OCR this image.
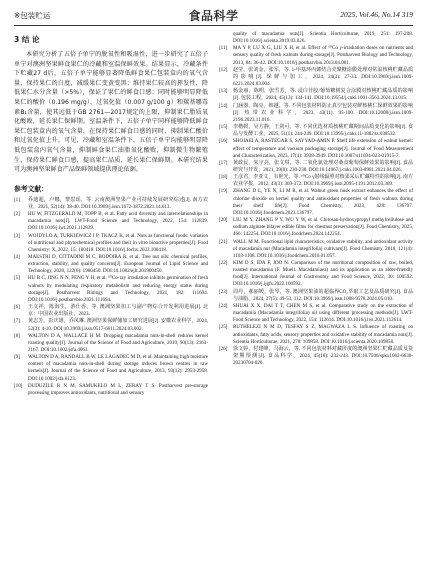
※包装贮运	食品科学	2025, Vol.46, No.14 319
3 结 论

本研究分析了五倍子单宁的脱氧性和吸湿性，进一步研究了五倍子单宁对澳洲坚果鲜食果仁的冷藏和室温保鲜效果。结果显示，冷藏条件下贮藏27 d后，五倍子单宁能够显著降低鲜食果仁包装盒内的氧气含量，保持果仁的白度，减缓果仁变黄变黑；维持果仁较高的挥发性，降低果仁水分含量（>5%），保证了果仁的鲜食口感；同时能够明显降低果仁的酸价（0.196 mg/g）、过氧化值（0.007 g/100 g）和羰基哪毒素B₁含量，使其远低于GB 2761—2017规定的上限，抑制果仁脂质氧化酸败，延长果仁保鲜期。室温条件下，五倍子单宁同样能够降低鲜食果仁包装盒内的氧气含量，在保持果仁鲜食口感的同时，抑制果仁酸价和过氧化值上升。可见，冷藏和室温条件下，五倍子单宁均能够明显降低包装盒内氧气含量，抑制鲜食果仁油脂氧化酸败，抑制微生物繁殖生，保持果仁鲜食口感，提高果仁品质，延长果仁保鲜期。本研究结果可为澳洲坚果鲜食产品保鲜领域提供理论依据。

参考文献：
[1] 乔迪超，卢娜，黎思瑶，等. 云南澳洲坚果产业可持续发展研究综述[J]. 南方农业，2021, 52(14): 38-40. DOI:10.3969/j.issn.1672-3872.2021.14.013.
[2] HU W, FITZGERALD M, TOPP B, et al. Fatty acid diversity and interrelationships in macadamia nuts[J]. LWT-Food Science and Technology, 2022, 154: 112839. DOI:10.1016/j.lwt.2021.112839.
[3] WOJDYLO A, TURKIEWICZ I P, TKACZ K, et al. Nuts as functional foods: variation of nutritional and phytochemical profiles and their in vitro bioactive properties[J]. Food Chemistry: X, 2022, 15: 100418. DOI:10.1016/j.fochx.2022.100418.
[4] MAESTRI D, CITTADINI M C, BODOIRA R, et al. Tree nut oils: chemical profiles, extraction, stability, and quality concerns[J]. European Journal of Lipid Science and Technology, 2020, 122(6): 1900450. DOI:10.1002/ejlt.201900450.
[5] HU B C, JING N N, PENG Y H, et al. ⁶⁰Co-ray irradiation inhibits germination of fresh walnuts by modulating respiratory metabolism and reducing energy status during storage[J]. Postharvest Biology and Technology, 2021, 182: 111694. DOI:10.1016/j.postharvbio.2021.111694.
[6] 王文祥，陈海生，游仕香，等. 澳洲坚果加工与副产物综合开发利用进展[J]. 北京：中国农业出版社，2023.
[7] 黄志芳，彭庆雄，乔凤琳. 澳洲坚果保鲜储加工研究进展[J]. 安徽农业科学，2024, 52(3): 4-10. DOI:10.3969/j.issn.0517-6611.2024.03.002.
[8] WALTON D A, WALLACE H M. Dropping macadamia nuts-in-shell reduces kernel roasting quality[J]. Journal of the Science of Food and Agriculture, 2010, 90(13): 2163-2167. DOI:10.1002/jsfa.4063.
[9] WALTON D A, RANDALL B W, LE LAGADEC M D, et al. Maintaining high moisture content of macadamia nuts-in-shell during storage induces brown centres in raw kernels[J]. Journal of the Science of Food and Agriculture, 2013, 93(12): 2953-2958. DOI:10.1002/jsfa.6123.
[10] DUDUZILE B N M, SAMUKELO M L, ZERAY T S. Postharvest pre-storage processing improves antioxidants, nutritional and sensory

quality of macadamia nuts[J]. Scientia Horticulturae, 2019, 251: 197-208. DOI:10.1016/j.scienta.2019.03.026.

[11] MA Y P, LU X G, LIU X H, et al. Effect of ⁶⁰Co γ-irradiation doses on nutrients and sensory quality of fresh walnuts during storage[J]. Postharvest Biology and Technology, 2013, 84: 36-42. DOI:10.1016/j.postharvbio.2013.04.001.
[12] 赵莹，张刘金，张军，等. 1-甲基环丙烯结合壳聚糖涂膜处理对常温核桃贮藏品质的影响[J]. 保鲜与加工，2024, 24(3): 27-33. DOI:10.3969/j.issn.1009-6221.2024.03.004.
[13] 杨金丽，陈明，张雪芳，等. 浸白苷胶/葡萄糖树复合涂膜对核桃贮藏品质的影响[J]. 包装工程，2024, 45(13): 134-141. DOI:10.19554/j.cnki.1001-3563.2024.13.015.
[14] 门涵器，陶亮，韩越，等. 不同包装材料防止真空包装对鲜核桃仁保鲜效果的影响[J]. 热带农业科学，2023, 43(11): 95-100. DOI:10.12008/j.issn.1009-2196.2023.11.016.
[15] 李楷媛，吴方静，王剑可，等. 不同优选材质核桃贮藏期间品质变化的影响[J]. 食品与发酵工业，2025, 51(1): 244-249. DOI:10.13995/j.cnki.11-1802/ts.038532.
[16] SHOJAEI A, RASTEGAR S, SAYYAD-AMIN P. Shelf life extension of walnut kernel: effect of temperature and vacuum packaging storage[J]. Journal of Food Measurement and Characterization, 2023, 17(4): 3938-3949. DOI:10.1007/s11694-023-01915-7.
[17] 黄政民，朱宇亮，张文琪，等. 二氧化氯处理对桑食葡萄保鲜效果的影响[J]. 食品研究与开发，2021, 39(8): 230-238. DOI:10.14067/j.cnki.1003-8981.2021.04.026.
[18] 王彦君，李亚文，韦艳光，等. ⁶⁰Co γ射线辐照对核果采后贮藏特性的影响[J]. 南方农业学报，2012, 43(3): 369-372. DOI:10.3969/j.issn.2095-1191.2012.03.369.
[19] ZHANG D L, YE N, LI M R, et al. Walnut green husk extract enhances the effect of chlorine dioxide on kernel quality and antioxidant properties of fresh walnuts during their shelf life[J]. Food Chemistry, 2023, 428: 136797. DOI:10.1016/j.foodchem.2023.136797.
[20] LIU M Y, ZHANG P Y, WU Y W, et al. Chitosan-hydroxypropyl methylcellulose and sodium alginate bilayer edible films for chestnut preservation[J]. Food Chemistry, 2025, 466: 142254. DOI:10.1016/j.foodchem.2024.142254.
[21] WALL M M. Functional lipid characteristics, oxidative stability, and antioxidant activity of macadamia nut (Macadamia integrifolia) cultivars[J]. Food Chemistry, 2010, 121(4): 1103-1108. DOI:10.1016/j.foodchem.2010.01.057.
[22] KIM D S, IDA F, JOO N. Comparison of the nutritional composition of raw, boiled, roasted macadamia (F. Muell. Macadamiaea) and its application as an alder-friendly food[J]. International Journal of Gastronomy and Food Science, 2022, 30: 100592. DOI:10.1016/j.ijgfs.2022.100592.
[23] 周丹，郝丽媛，张琴，等. 澳洲坚果油的超临界CO₂萃取工艺及品质研究[J]. 食品与油脂，2024, 37(5): 49-53, 112. DOI:10.3969/j.issn.1008-9578.2024.05.010.
[24] SHUAI X X, DAI T T, CHEN M S, et al. Comparative study on the extraction of macadamia (Macadamia integrifolia) oil using different processing methods[J]. LWT-Food Science and Technology, 2022, 154: 112614. DOI:10.1016/j.lwt.2021.112614.
[25] BUTHELEZI N M D, TESFAY S Z, MAGWAZA L S. Influence of roasting on antioxidants, fatty acids, sensory properties and oxidative stability of macadamia nuts[J]. Scientia Horticulturae, 2021, 278: 109858. DOI:10.1016/j.scienta.2020.109858.
[26] 徐文婷，付建峰，马海云，等. 不同包装材料对藏匿度的澳洲坚果仁贮藏品质及货架期预测[J]. 食品科学，2024, 45(18): 232-243. DOI:10.7506/spkx1002-6630-20230704-020.
